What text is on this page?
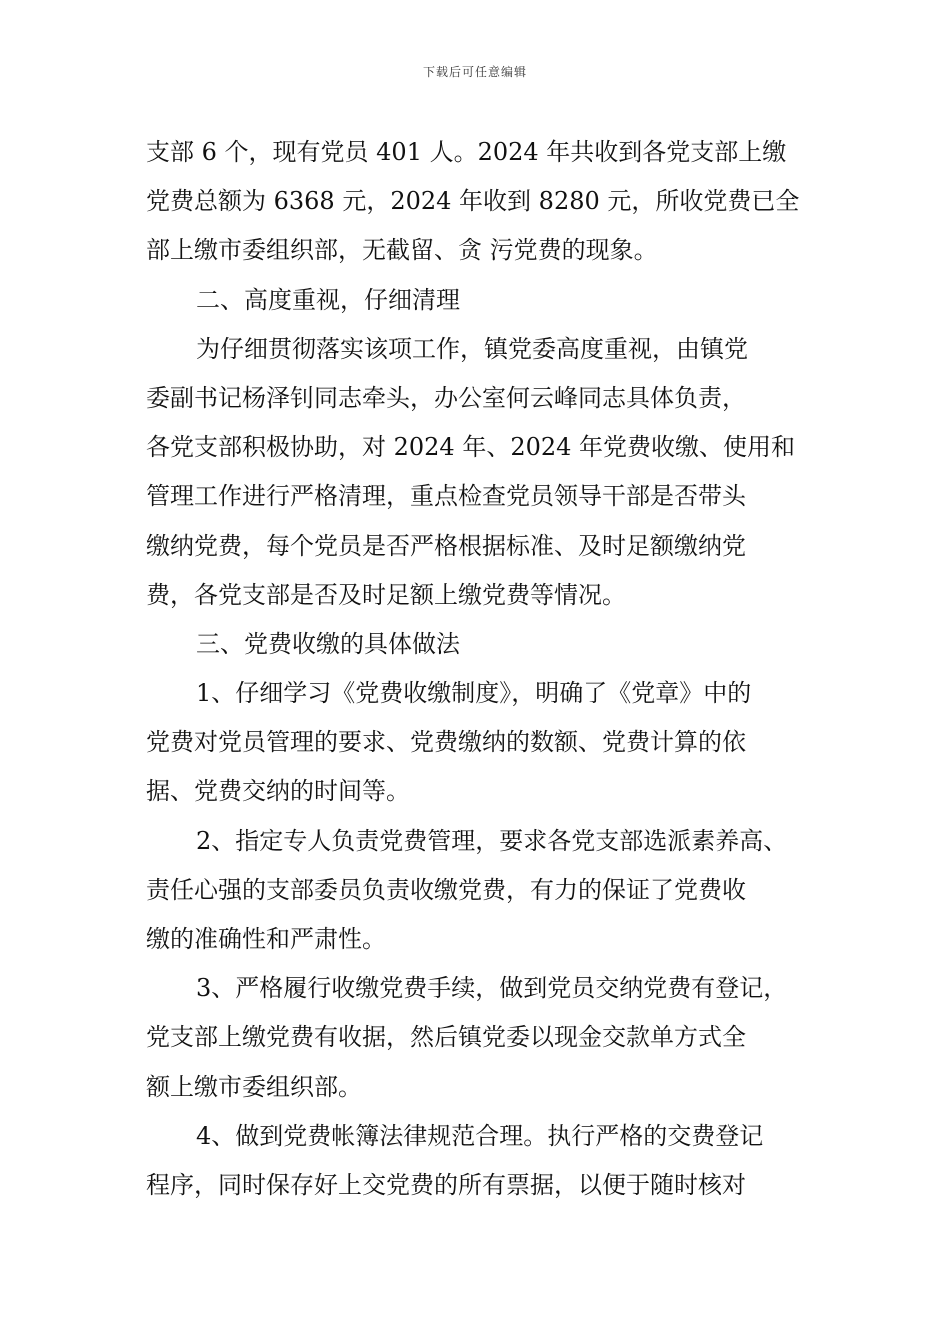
下载后可任意编辑
支部 6 个，现有党员 401 人。2024 年共收到各党支部上缴
党费总额为 6368 元，2024 年收到 8280 元，所收党费已全
部上缴市委组织部，无截留、贪 污党费的现象。
二、高度重视，仔细清理
为仔细贯彻落实该项工作，镇党委高度重视，由镇党
委副书记杨泽钊同志牵头，办公室何云峰同志具体负责，
各党支部积极协助，对 2024 年、2024 年党费收缴、使用和
管理工作进行严格清理，重点检查党员领导干部是否带头
缴纳党费，每个党员是否严格根据标准、及时足额缴纳党
费，各党支部是否及时足额上缴党费等情况。
三、党费收缴的具体做法
1、仔细学习《党费收缴制度》，明确了《党章》中的
党费对党员管理的要求、党费缴纳的数额、党费计算的依
据、党费交纳的时间等。
2、指定专人负责党费管理，要求各党支部选派素养高、
责任心强的支部委员负责收缴党费，有力的保证了党费收
缴的准确性和严肃性。
3、严格履行收缴党费手续，做到党员交纳党费有登记，
党支部上缴党费有收据，然后镇党委以现金交款单方式全
额上缴市委组织部。
4、做到党费帐簿法律规范合理。执行严格的交费登记
程序，同时保存好上交党费的所有票据，以便于随时核对
